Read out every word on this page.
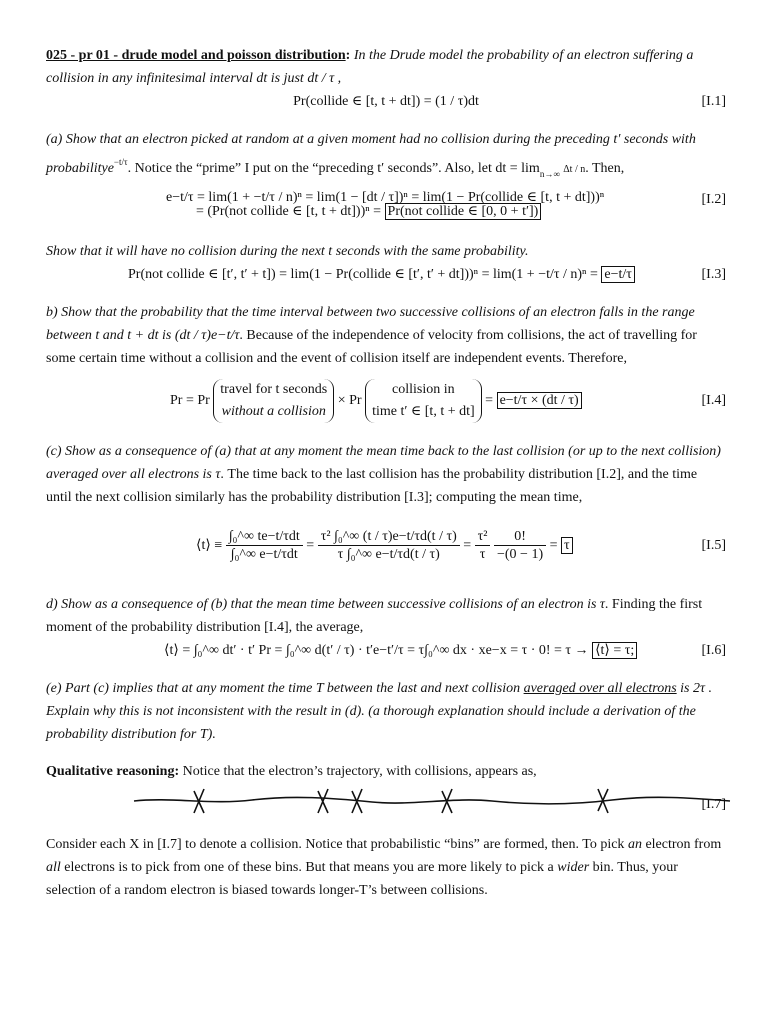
025 - pr 01 - drude model and poisson distribution: In the Drude model the probability of an electron suffering a collision in any infinitesimal interval dt is just dt / τ ,

Pr(collide ∈ [t, t + dt]) = (1 / τ)dt	[I.1]

(a) Show that an electron picked at random at a given moment had no collision during the preceding t′ seconds with probabilitye$^{-t/\tau}$. Notice the “prime” I put on the “preceding t′ seconds”. Also, let dt = $\lim_{n\to\infty} \Delta t$ / n. Then,

e−t/τ = lim(1 + −t/τ / n)ⁿ = lim(1 − [dt / τ])ⁿ = lim(1 − Pr(collide ∈ [t, t + dt]))ⁿ
= (Pr(not collide ∈ [t, t + dt]))ⁿ = Pr(not collide ∈ [0, 0 + t′])
[I.2]

Show that it will have no collision during the next t seconds with the same probability.

Pr(not collide ∈ [t′, t′ + t]) = lim(1 − Pr(collide ∈ [t′, t′ + dt]))ⁿ = lim(1 + −t/τ / n)ⁿ = e−t/τ	[I.3]

b) Show that the probability that the time interval between two successive collisions of an electron falls in the range between t and t + dt is (dt / τ)e−t/τ. Because of the independence of velocity from collisions, the act of travelling for some certain time without a collision and the event of collision itself are independent events. Therefore,

Pr = Pr
travel for t seconds
without a collision
× Pr
collision in
time t′ ∈ [t, t + dt]
= e−t/τ × (dt / τ)	[I.4]

(c) Show as a consequence of (a) that at any moment the mean time back to the last collision (or up to the next collision) averaged over all electrons is τ. The time back to the last collision has the probability distribution [I.2], and the time until the next collision similarly has the probability distribution [I.3]; computing the mean time,

⟨t⟩ ≡ $\frac{\text{∫₀\textasciicircum{}∞ te−t/τdt}}{\text{∫₀\textasciicircum{}∞ e−t/τdt}} = \frac{\text{τ² ∫₀\textasciicircum{}∞ (t / τ)e−t/τd(t / τ)}}{\text{τ ∫₀\textasciicircum{}∞ e−t/τd(t / τ)}} = \frac{\text{τ²}}{\tau}$
$\frac{0!}{-(0 - 1)} = \tau$	[I.5]

d) Show as a consequence of (b) that the mean time between successive collisions of an electron is τ. Finding the first moment of the probability distribution [I.4], the average,

⟨t⟩ = ∫₀^∞ dt′ · t′ Pr = ∫₀^∞ d(t′ / τ) · t′e−t′/τ = τ∫₀^∞ dx · xe−x = τ · 0! = τ → ⟨t⟩ = τ;	[I.6]

(e) Part (c) implies that at any moment the time T between the last and next collision averaged over all electrons is 2τ . Explain why this is not inconsistent with the result in (d). (a thorough explanation should include a derivation of the probability distribution for T).

Qualitative reasoning: Notice that the electron’s trajectory, with collisions, appears as,

[I.7]

Consider each X in [I.7] to denote a collision. Notice that probabilistic “bins” are formed, then. To pick an electron from all electrons is to pick from one of these bins. But that means you are more likely to pick a wider bin. Thus, your selection of a random electron is biased towards longer-T’s between collisions.
